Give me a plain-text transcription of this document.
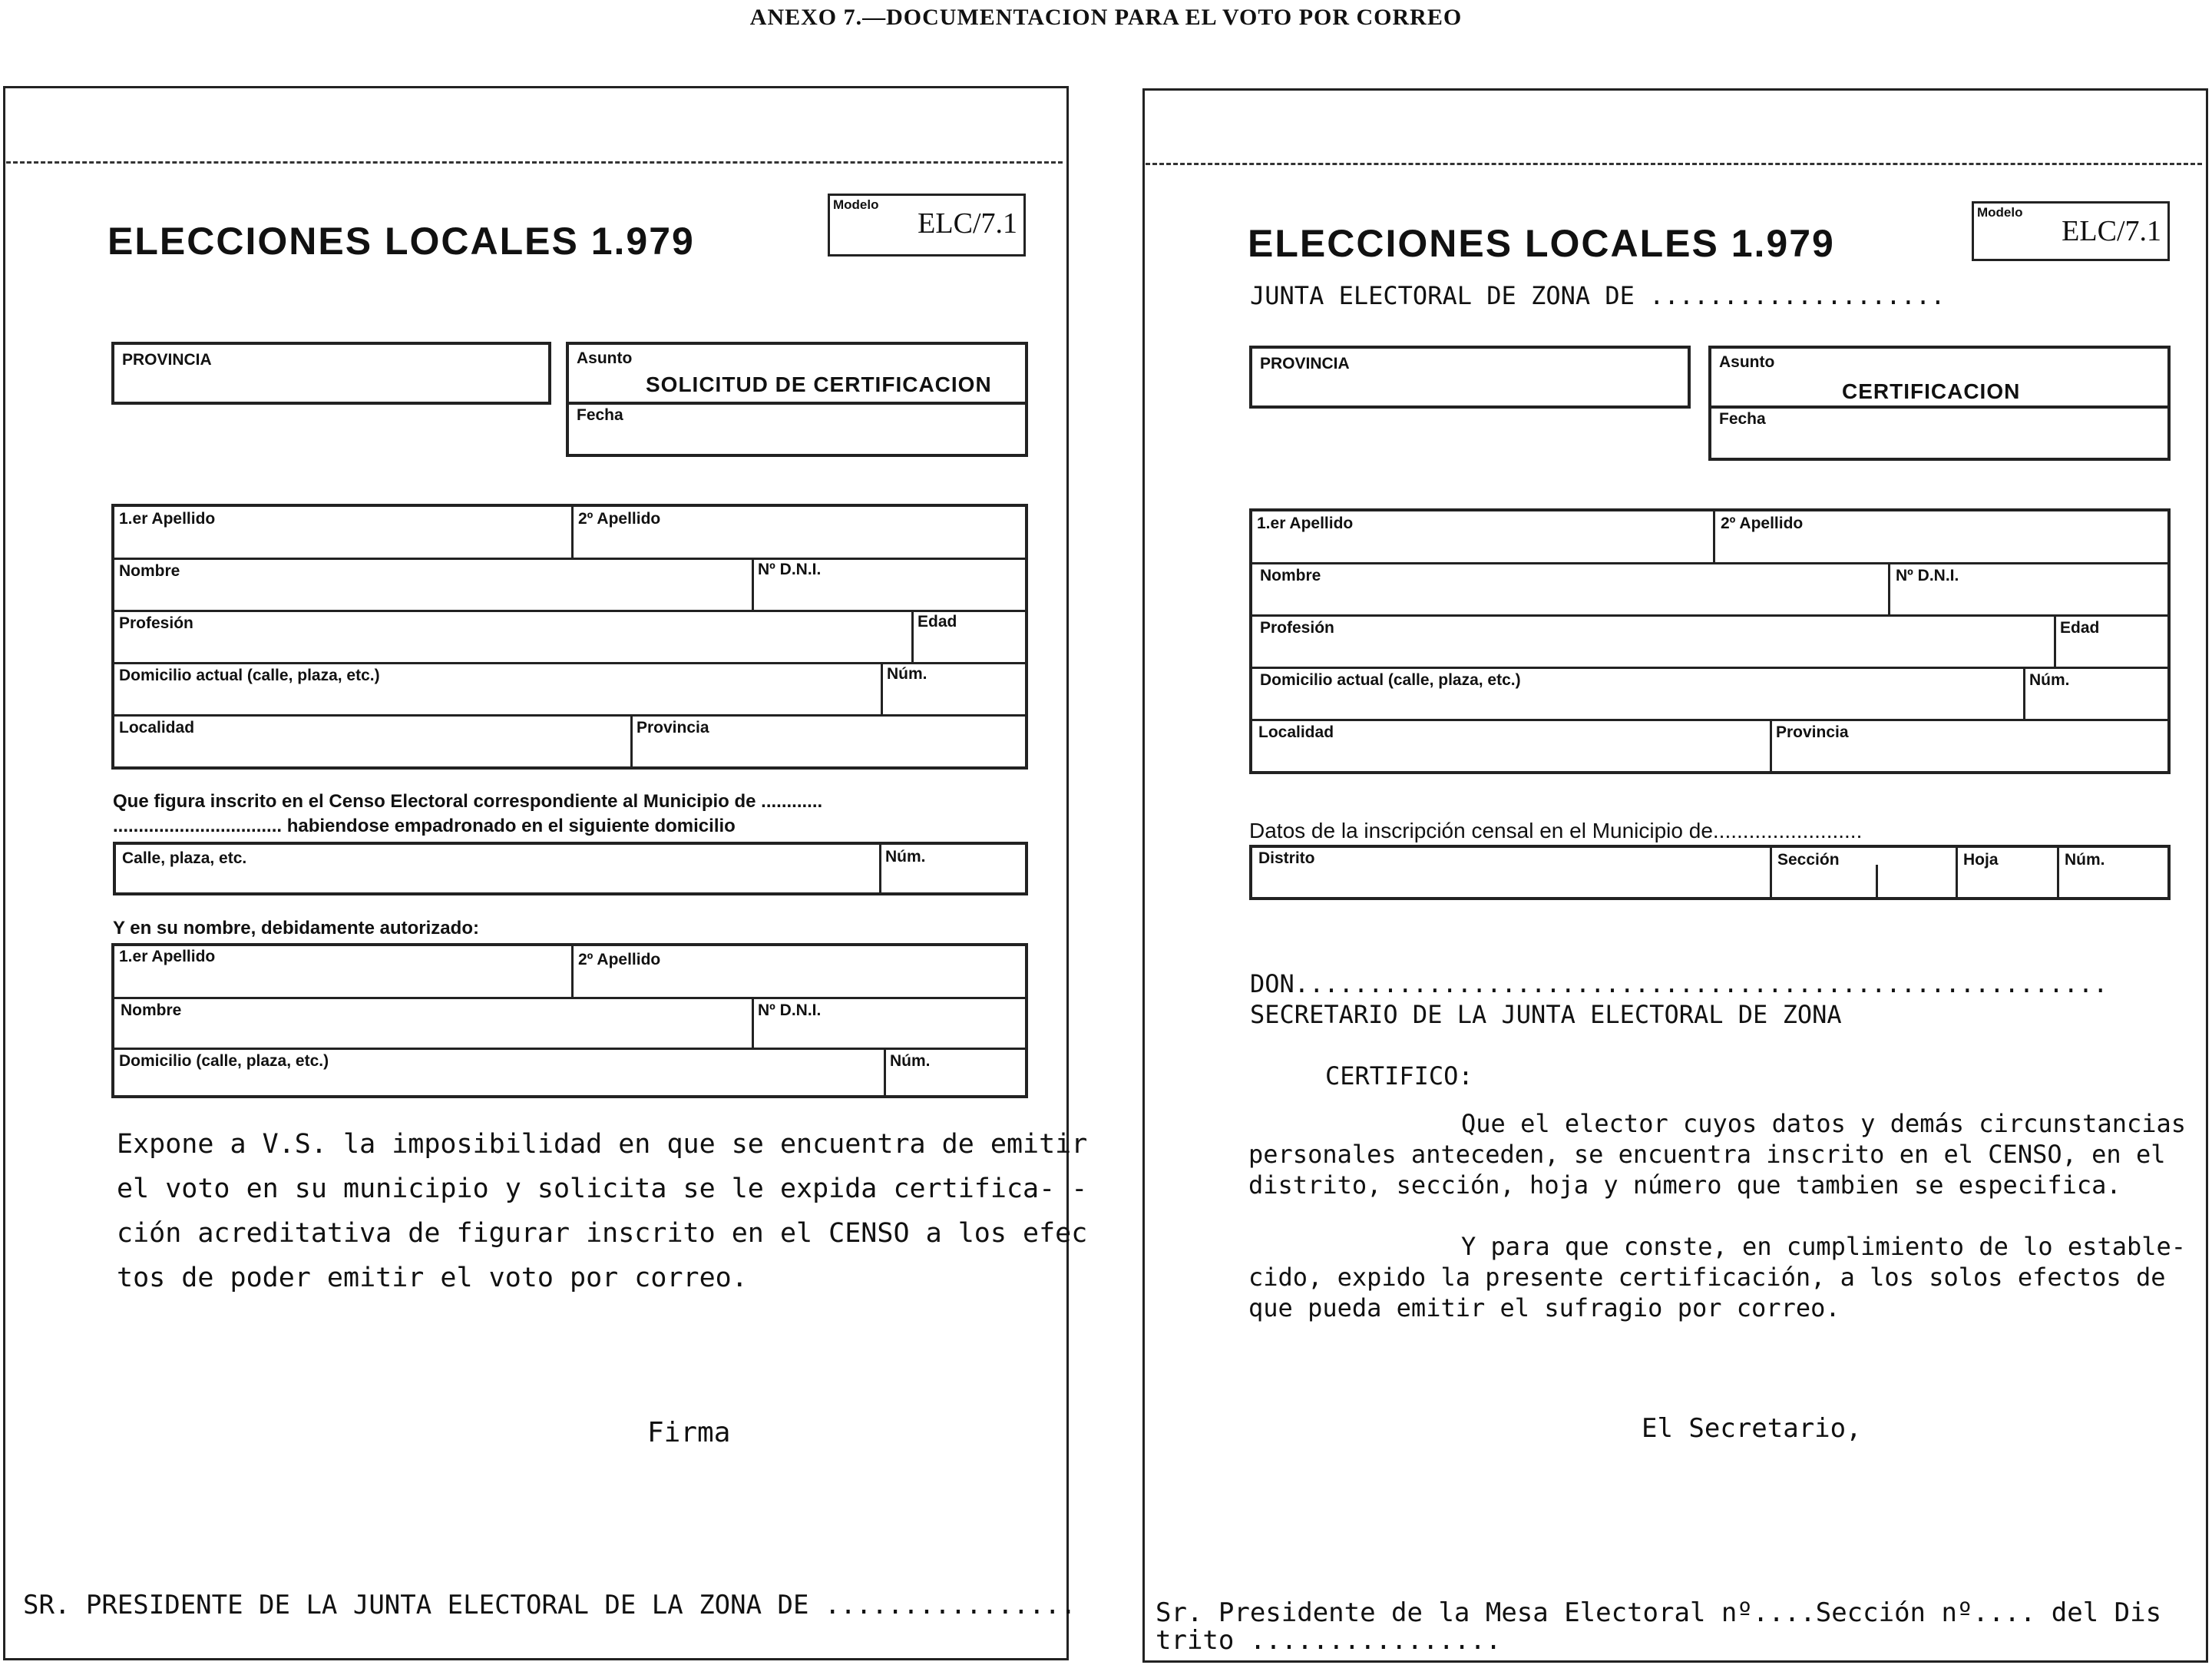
ANEXO 7.—DOCUMENTACION PARA EL VOTO POR CORREO
ELECCIONES LOCALES 1.979
Modelo
ELC/7.1
PROVINCIA	Asunto
SOLICITUD DE CERTIFICACION
Fecha
1.er Apellido	2º Apellido
Nombre	Nº D.N.I.
Profesión	Edad
Domicilio actual (calle, plaza, etc.)	Núm.
Localidad	Provincia
Que figura inscrito en el Censo Electoral correspondiente al Municipio de ............
................................. habiendose empadronado en el siguiente domicilio
Calle, plaza, etc.	Núm.
Y en su nombre, debidamente autorizado:
1.er Apellido	2º Apellido
Nombre	Nº D.N.I.
Domicilio (calle, plaza, etc.)	Núm.
Expone a V.S. la imposibilidad en que se encuentra de emitir
el voto en su municipio y solicita se le expida certifica- -
ción acreditativa de figurar inscrito en el CENSO a los efec
tos de poder emitir el voto por correo.
Firma
SR. PRESIDENTE DE LA JUNTA ELECTORAL DE LA ZONA DE ................
ELECCIONES LOCALES 1.979
Modelo
ELC/7.1
JUNTA ELECTORAL DE ZONA DE ....................
PROVINCIA	Asunto
CERTIFICACION
Fecha
1.er Apellido	2º Apellido
Nombre	Nº D.N.I.
Profesión	Edad
Domicilio actual (calle, plaza, etc.)	Núm.
Localidad	Provincia
Datos de la inscripción censal en el Municipio de.........................
Distrito	Sección	Hoja	Núm.
DON.......................................................
SECRETARIO DE LA JUNTA ELECTORAL DE ZONA
CERTIFICO:
Que el elector cuyos datos y demás circunstancias
personales anteceden, se encuentra inscrito en el CENSO, en el
distrito, sección, hoja y número que tambien se especifica.
Y para que conste, en cumplimiento de lo estable-
cido, expido la presente certificación, a los solos efectos de
que pueda emitir el sufragio por correo.
El Secretario,
Sr. Presidente de la Mesa Electoral nº....Sección nº.... del Dis
trito ................
